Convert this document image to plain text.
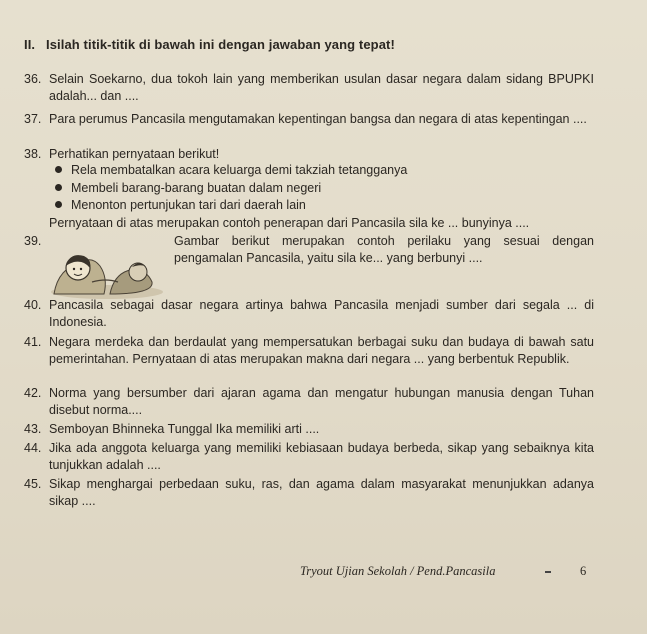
II. Isilah titik-titik di bawah ini dengan jawaban yang tepat!
36. Selain Soekarno, dua tokoh lain yang memberikan usulan dasar negara dalam sidang BPUPKI adalah... dan ....
37. Para perumus Pancasila mengutamakan kepentingan bangsa dan negara di atas kepentingan ....
38. Perhatikan pernyataan berikut!
Rela membatalkan acara keluarga demi takziah tetangganya
Membeli barang-barang buatan dalam negeri
Menonton pertunjukan tari dari daerah lain
Pernyataan di atas merupakan contoh penerapan dari Pancasila sila ke ... bunyinya ....
39.	Gambar berikut merupakan contoh perilaku yang sesuai dengan pengamalan Pancasila, yaitu sila ke... yang berbunyi ....
40. Pancasila sebagai dasar negara artinya bahwa Pancasila menjadi sumber dari segala ... di Indonesia.
41. Negara merdeka dan berdaulat yang mempersatukan berbagai suku dan budaya di bawah satu pemerintahan. Pernyataan di atas merupakan makna dari negara ... yang berbentuk Republik.
42. Norma yang bersumber dari ajaran agama dan mengatur hubungan manusia dengan Tuhan disebut norma....
43. Semboyan Bhinneka Tunggal Ika memiliki arti ....
44. Jika ada anggota keluarga yang memiliki kebiasaan budaya berbeda, sikap yang sebaiknya kita tunjukkan adalah ....
45. Sikap menghargai perbedaan suku, ras, dan agama dalam masyarakat menunjukkan adanya sikap ....
Tryout Ujian Sekolah / Pend.Pancasila	6
